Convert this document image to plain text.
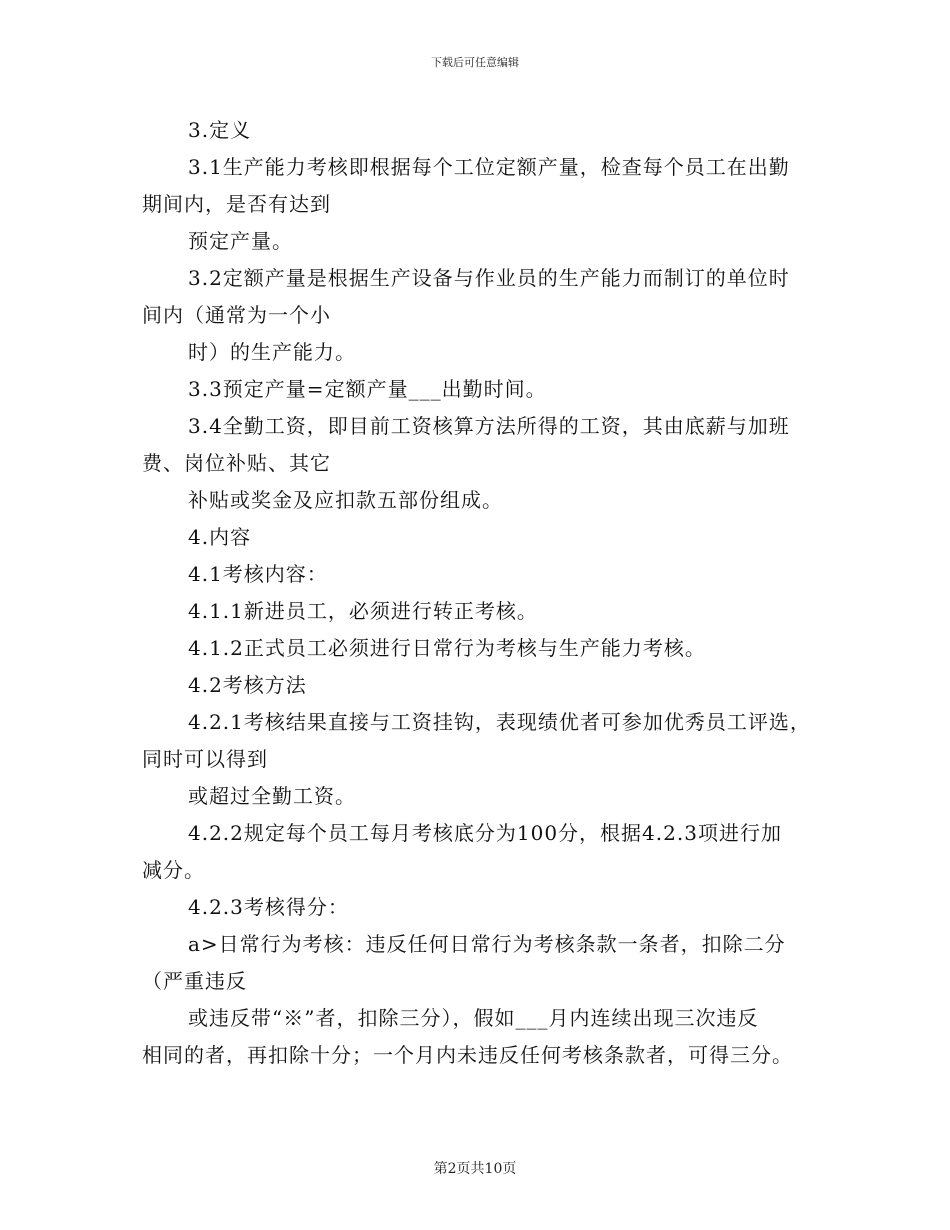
下载后可任意编辑

3.定义

3.1生产能力考核即根据每个工位定额产量，检查每个员工在出勤

期间内，是否有达到

预定产量。

3.2定额产量是根据生产设备与作业员的生产能力而制订的单位时

间内（通常为一个小

时）的生产能力。

3.3预定产量=定额产量___出勤时间。

3.4全勤工资，即目前工资核算方法所得的工资，其由底薪与加班

费、岗位补贴、其它

补贴或奖金及应扣款五部份组成。

4.内容

4.1考核内容：

4.1.1新进员工，必须进行转正考核。

4.1.2正式员工必须进行日常行为考核与生产能力考核。

4.2考核方法

4.2.1考核结果直接与工资挂钩，表现绩优者可参加优秀员工评选，

同时可以得到

或超过全勤工资。

4.2.2规定每个员工每月考核底分为100分，根据4.2.3项进行加

减分。

4.2.3考核得分：

a>日常行为考核：违反任何日常行为考核条款一条者，扣除二分

（严重违反

或违反带“※”者，扣除三分），假如___月内连续出现三次违反

相同的者，再扣除十分；一个月内未违反任何考核条款者，可得三分。

第2页共10页
